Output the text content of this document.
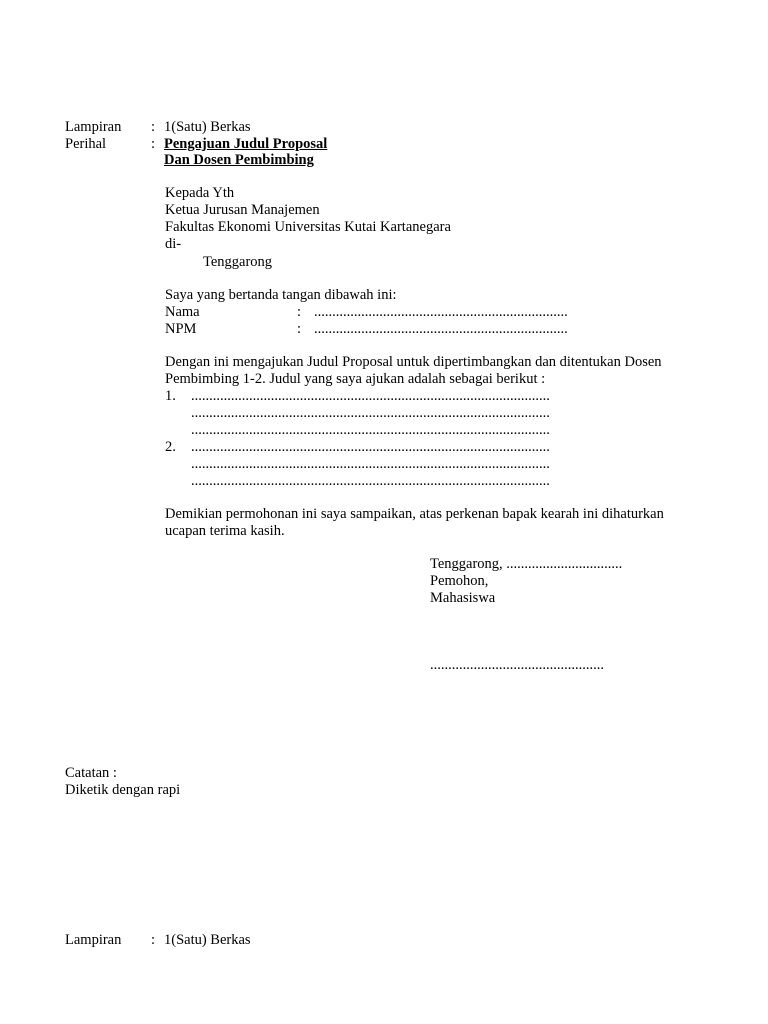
Lampiran : 1(Satu) Berkas
Perihal	: Pengajuan Judul Proposal
Dan Dosen Pembimbing
Kepada Yth
Ketua Jurusan Manajemen
Fakultas Ekonomi Universitas Kutai Kartanegara
di-
Tenggarong
Saya yang bertanda tangan dibawah ini:
Nama	: ......................................................................
NPM	: ......................................................................
Dengan ini mengajukan Judul Proposal untuk dipertimbangkan dan ditentukan Dosen
Pembimbing 1-2. Judul yang saya ajukan adalah sebagai berikut :
1. ...................................................................................................
...................................................................................................
...................................................................................................
2. ...................................................................................................
...................................................................................................
...................................................................................................
Demikian permohonan ini saya sampaikan, atas perkenan bapak kearah ini dihaturkan
ucapan terima kasih.
Tenggarong, ................................
Pemohon,
Mahasiswa
................................................
Catatan :
Diketik dengan rapi
Lampiran : 1(Satu) Berkas
